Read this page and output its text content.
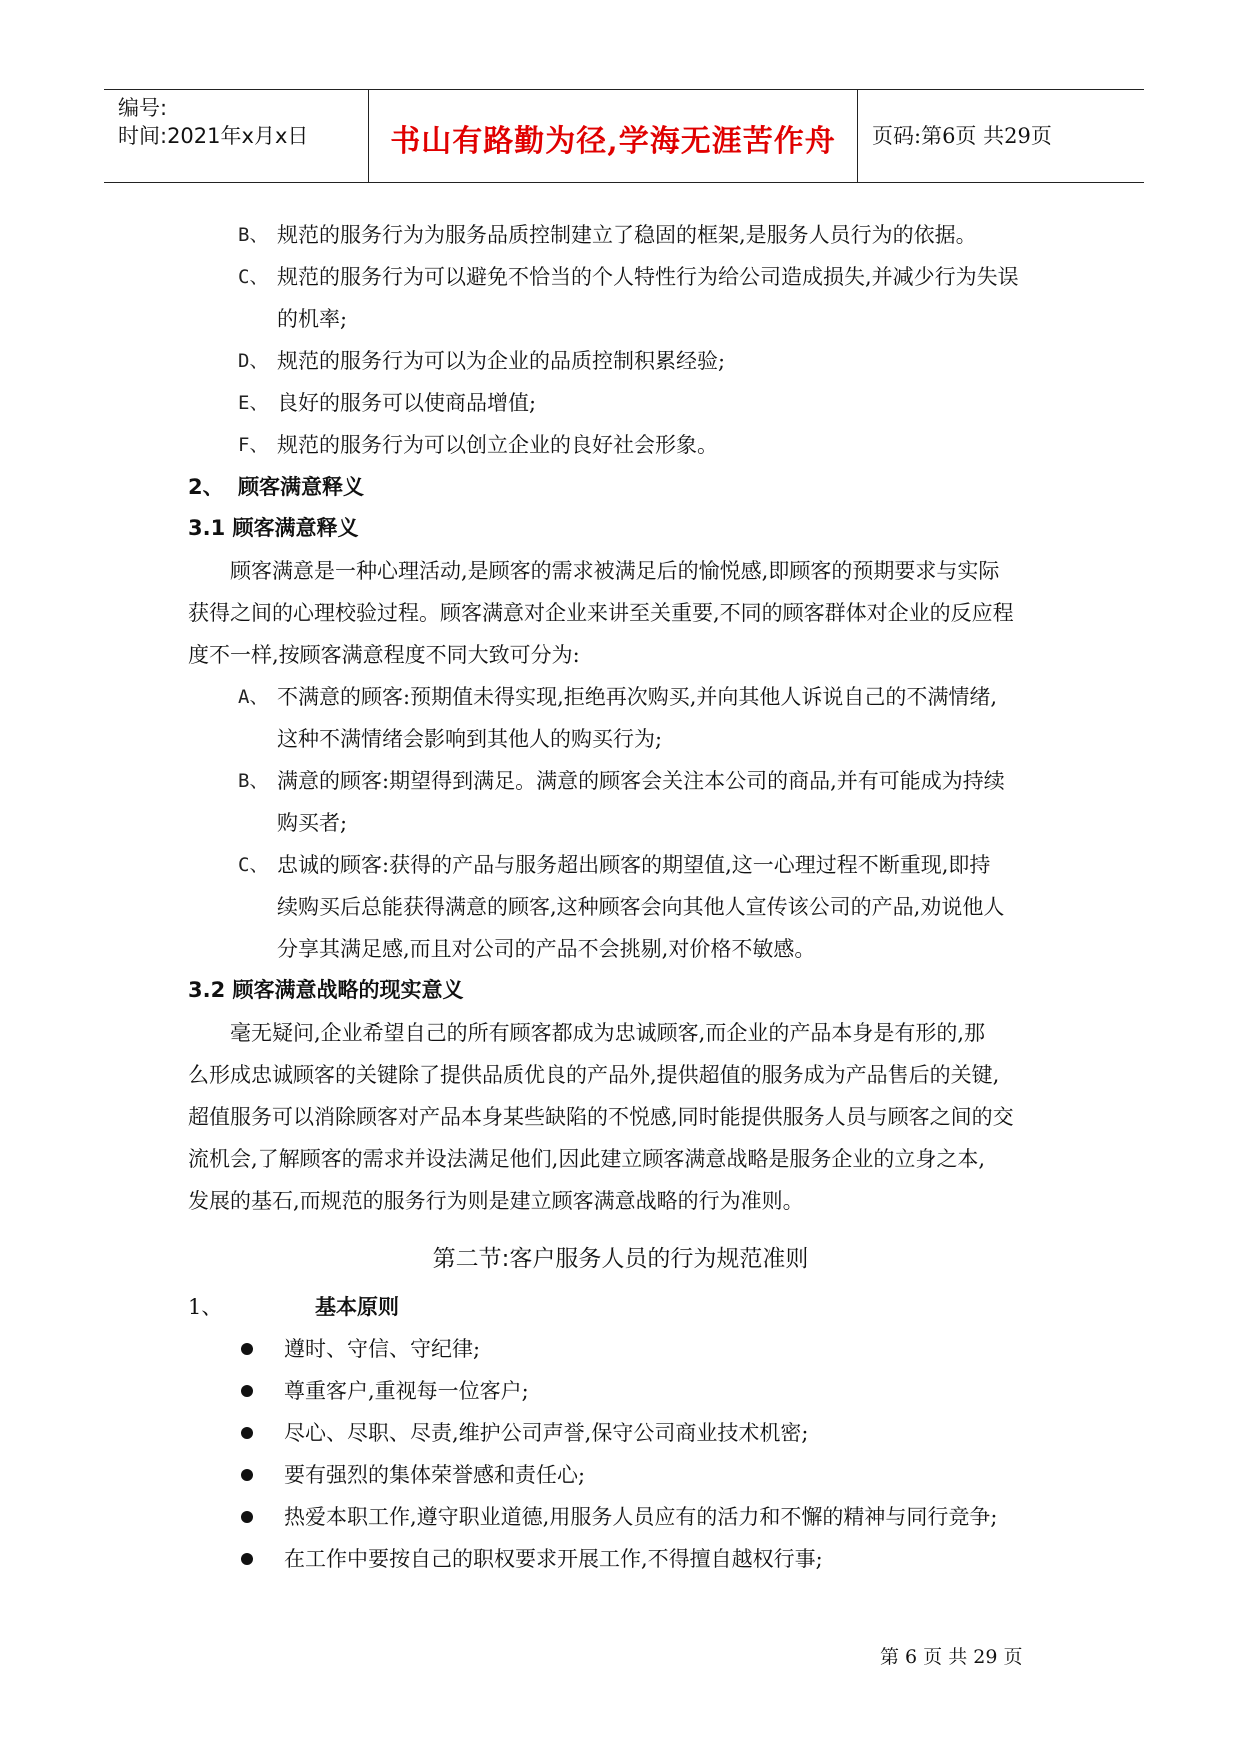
编号:
时间:2021年x月x日	书山有路勤为径,学海无涯苦作舟	页码:第6页 共29页
B、 规范的服务行为为服务品质控制建立了稳固的框架,是服务人员行为的依据。
C、 规范的服务行为可以避免不恰当的个人特性行为给公司造成损失,并减少行为失误
的机率;
D、 规范的服务行为可以为企业的品质控制积累经验;
E、 良好的服务可以使商品增值;
F、 规范的服务行为可以创立企业的良好社会形象。
2、 顾客满意释义
3.1 顾客满意释义
顾客满意是一种心理活动,是顾客的需求被满足后的愉悦感,即顾客的预期要求与实际
获得之间的心理校验过程。顾客满意对企业来讲至关重要,不同的顾客群体对企业的反应程
度不一样,按顾客满意程度不同大致可分为:
A、 不满意的顾客:预期值未得实现,拒绝再次购买,并向其他人诉说自己的不满情绪,
这种不满情绪会影响到其他人的购买行为;
B、 满意的顾客:期望得到满足。满意的顾客会关注本公司的商品,并有可能成为持续
购买者;
C、 忠诚的顾客:获得的产品与服务超出顾客的期望值,这一心理过程不断重现,即持
续购买后总能获得满意的顾客,这种顾客会向其他人宣传该公司的产品,劝说他人
分享其满足感,而且对公司的产品不会挑剔,对价格不敏感。
3.2 顾客满意战略的现实意义
毫无疑问,企业希望自己的所有顾客都成为忠诚顾客,而企业的产品本身是有形的,那
么形成忠诚顾客的关键除了提供品质优良的产品外,提供超值的服务成为产品售后的关键,
超值服务可以消除顾客对产品本身某些缺陷的不悦感,同时能提供服务人员与顾客之间的交
流机会,了解顾客的需求并设法满足他们,因此建立顾客满意战略是服务企业的立身之本,
发展的基石,而规范的服务行为则是建立顾客满意战略的行为准则。
第二节:客户服务人员的行为规范准则
1、	基本原则
遵时、守信、守纪律;
尊重客户,重视每一位客户;
尽心、尽职、尽责,维护公司声誉,保守公司商业技术机密;
要有强烈的集体荣誉感和责任心;
热爱本职工作,遵守职业道德,用服务人员应有的活力和不懈的精神与同行竞争;
在工作中要按自己的职权要求开展工作,不得擅自越权行事;
第 6 页 共 29 页
